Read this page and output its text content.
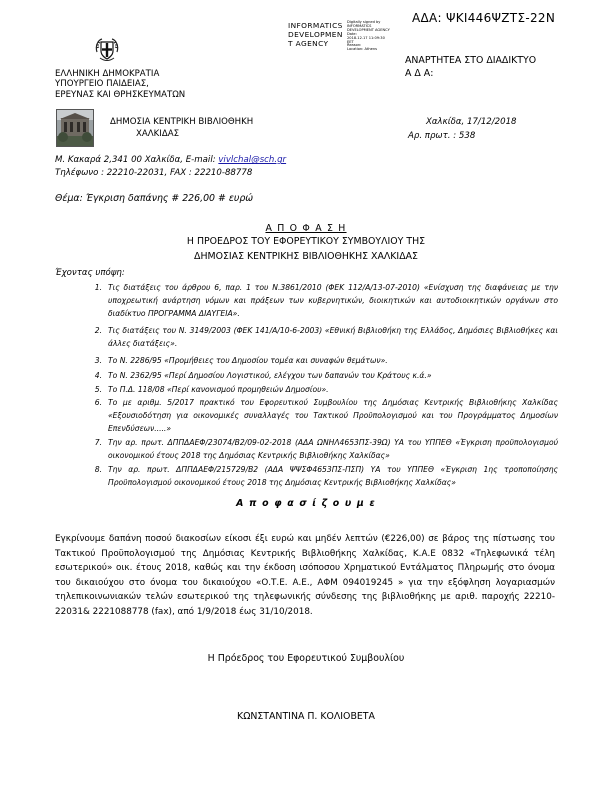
ΑΔΑ: ΨΚΙ446ΨΖΤΣ-22Ν
INFORMATICS
DEVELOPMEN
T AGENCY
Digitally signed by
INFORMATICS
DEVELOPMENT AGENCY
Date:
2018.12.17 11:09:30
EET
Reason:
Location: Athens
ΑΝΑΡΤΗΤΕΑ ΣΤΟ ΔΙΑΔΙΚΤΥΟ
Α Δ Α:
ΕΛΛΗΝΙΚΗ ΔΗΜΟΚΡΑΤΙΑ
ΥΠΟΥΡΓΕΙΟ ΠΑΙΔΕΙΑΣ,
ΕΡΕΥΝΑΣ ΚΑΙ ΘΡΗΣΚΕΥΜΑΤΩΝ
ΔΗΜΟΣΙΑ ΚΕΝΤΡΙΚΗ ΒΙΒΛΙΟΘΗΚΗ
ΧΑΛΚΙΔΑΣ
Χαλκίδα, 17/12/2018
Αρ. πρωτ. : 538
Μ. Κακαρά 2,341 00 Χαλκίδα, E-mail: vivlchal@sch.gr
Τηλέφωνο : 22210-22031, FAX : 22210-88778
Θέμα: Έγκριση δαπάνης # 226,00 # ευρώ
Α Π Ο Φ Α Σ Η
Η ΠΡΟΕΔΡΟΣ ΤΟΥ ΕΦΟΡΕΥΤΙΚΟΥ ΣΥΜΒΟΥΛΙΟΥ ΤΗΣ
ΔΗΜΟΣΙΑΣ ΚΕΝΤΡΙΚΗΣ ΒΙΒΛΙΟΘΗΚΗΣ ΧΑΛΚΙΔΑΣ
Έχοντας υπόψη:
1. Τις διατάξεις του άρθρου 6, παρ. 1 του Ν.3861/2010 (ΦΕΚ 112/Α/13-07-2010) «Ενίσχυση της διαφάνειας με την υποχρεωτική ανάρτηση νόμων και πράξεων των κυβερνητικών, διοικητικών και αυτοδιοικητικών οργάνων στο διαδίκτυο ΠΡΟΓΡΑΜΜΑ ΔΙΑΥΓΕΙΑ».
2. Τις διατάξεις του Ν. 3149/2003 (ΦΕΚ 141/Α/10-6-2003) «Εθνική Βιβλιοθήκη της Ελλάδος, Δημόσιες Βιβλιοθήκες και άλλες διατάξεις».
3. Το Ν. 2286/95 «Προμήθειες του Δημοσίου τομέα και συναφών θεμάτων».
4. Το Ν. 2362/95 «Περί Δημοσίου Λογιστικού, ελέγχου των δαπανών του Κράτους κ.ά.»
5. Το Π.Δ. 118/08 «Περί κανονισμού προμηθειών Δημοσίου».
6. Το με αριθμ. 5/2017 πρακτικό του Εφορευτικού Συμβουλίου της Δημόσιας Κεντρικής Βιβλιοθήκης Χαλκίδας «Εξουσιοδότηση για οικονομικές συναλλαγές του Τακτικού Προϋπολογισμού και του Προγράμματος Δημοσίων Επενδύσεων.....»
7. Την αρ. πρωτ. ΔΠΠΔΑΕΦ/23074/Β2/09-02-2018 (ΑΔΑ ΩΝΗΛ4653ΠΣ-39Ω) ΥΑ του ΥΠΠΕΘ «Έγκριση προϋπολογισμού οικονομικού έτους 2018 της Δημόσιας Κεντρικής Βιβλιοθήκης Χαλκίδας»
8. Την αρ. πρωτ. ΔΠΠΔΑΕΦ/215729/Β2 (ΑΔΑ ΨΨΣΦ4653ΠΣ-ΠΣΠ) ΥΑ του ΥΠΠΕΘ «Έγκριση 1ης τροποποίησης Προϋπολογισμού οικονομικού έτους 2018 της Δημόσιας Κεντρικής Βιβλιοθήκης Χαλκίδας»
Α π ο φ α σ ί ζ ο υ μ ε
Εγκρίνουμε δαπάνη ποσού διακοσίων είκοσι έξι ευρώ και μηδέν λεπτών (€226,00) σε βάρος της πίστωσης του Τακτικού Προϋπολογισμού της Δημόσιας Κεντρικής Βιβλιοθήκης Χαλκίδας, Κ.Α.Ε 0832 «Τηλεφωνικά τέλη εσωτερικού» οικ. έτους 2018, καθώς και την έκδοση ισόποσου Χρηματικού Εντάλματος Πληρωμής στο όνομα του δικαιούχου στο όνομα του δικαιούχου «Ο.Τ.Ε. Α.Ε., ΑΦΜ 094019245 » για την εξόφληση λογαριασμών τηλεπικοινωνιακών τελών εσωτερικού της τηλεφωνικής σύνδεσης της βιβλιοθήκης με αριθ. παροχής 22210-22031& 2221088778 (fax), από 1/9/2018 έως 31/10/2018.
Η Πρόεδρος του Εφορευτικού Συμβουλίου
ΚΩΝΣΤΑΝΤΙΝΑ Π. ΚΟΛΙΟΒΕΤΑ
